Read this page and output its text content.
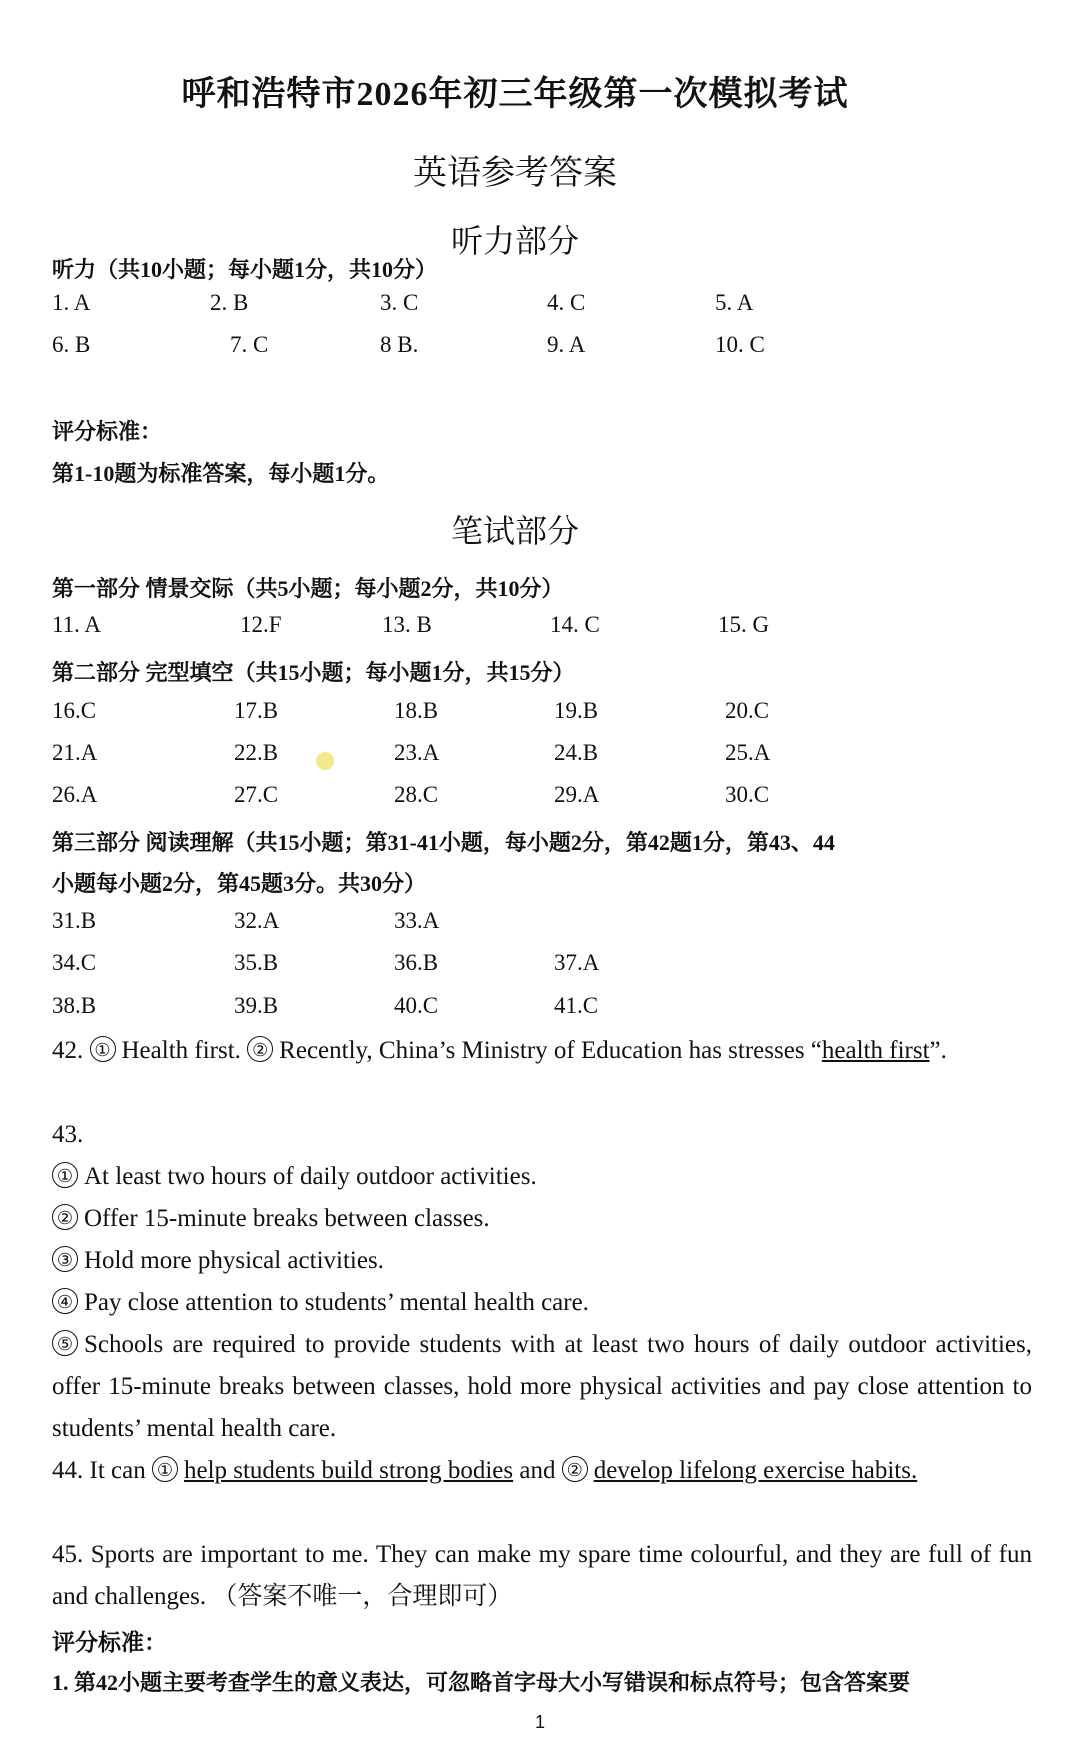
呼和浩特市2026年初三年级第一次模拟考试
英语参考答案
听力部分
听力（共10小题；每小题1分，共10分）
1. A	2. B	3. C	4. C	5. A
6. B	7. C	8 B.	9. A	10. C
评分标准：
第1-10题为标准答案，每小题1分。
笔试部分
第一部分 情景交际（共5小题；每小题2分，共10分）
11. A	12.F	13. B	14. C	15. G
第二部分 完型填空（共15小题；每小题1分，共15分）
16.C	17.B	18.B	19.B	20.C
21.A	22.B	23.A	24.B	25.A
26.A	27.C	28.C	29.A	30.C
第三部分 阅读理解（共15小题；第31-41小题，每小题2分，第42题1分，第43、44
小题每小题2分，第45题3分。共30分）
31.B	32.A	33.A
34.C	35.B	36.B	37.A
38.B	39.B	40.C	41.C
42. ① Health first. ② Recently, China’s Ministry of Education has stresses “health first”.
43.
① At least two hours of daily outdoor activities.
② Offer 15-minute breaks between classes.
③ Hold more physical activities.
④ Pay close attention to students’ mental health care.
⑤ Schools are required to provide students with at least two hours of daily outdoor activities, offer 15-minute breaks between classes, hold more physical activities and pay close attention to students’ mental health care.
44. It can ① help students build strong bodies and ② develop lifelong exercise habits.
45. Sports are important to me. They can make my spare time colourful, and they are full of fun and challenges. （答案不唯一，合理即可）
评分标准：
1. 第42小题主要考查学生的意义表达，可忽略首字母大小写错误和标点符号；包含答案要
1
